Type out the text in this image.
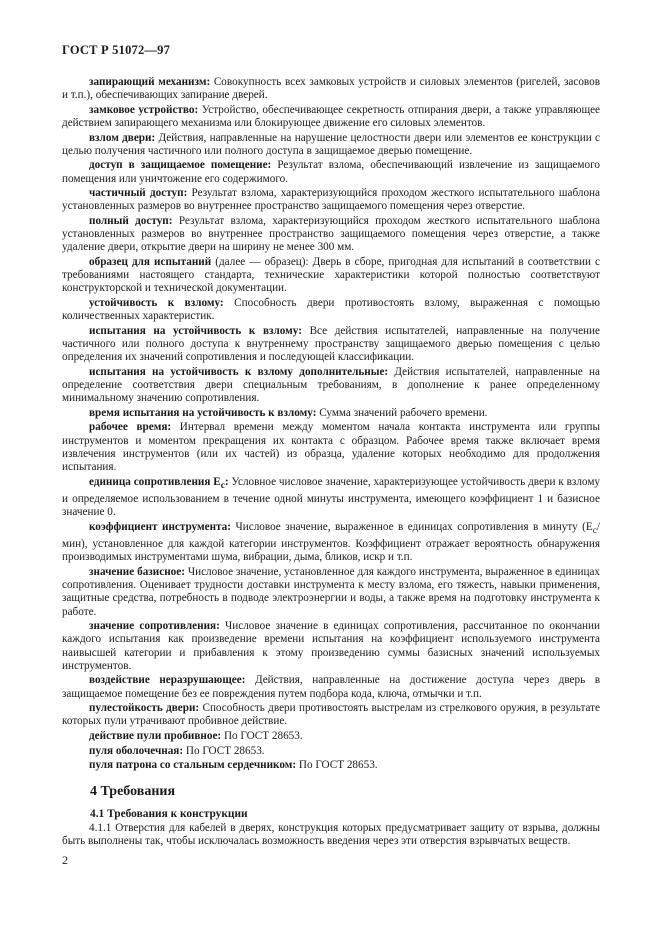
ГОСТ Р 51072—97

запирающий механизм: Совокупность всех замковых устройств и силовых элементов (ригелей, засовов и т.п.), обеспечивающих запирание дверей.

замковое устройство: Устройство, обеспечивающее секретность отпирания двери, а также управляющее действием запирающего механизма или блокирующее движение его силовых элементов.

взлом двери: Действия, направленные на нарушение целостности двери или элементов ее конструкции с целью получения частичного или полного доступа в защищаемое дверью помещение.

доступ в защищаемое помещение: Результат взлома, обеспечивающий извлечение из защищаемого помещения или уничтожение его содержимого.

частичный доступ: Результат взлома, характеризующийся проходом жесткого испытательного шаблона установленных размеров во внутреннее пространство защищаемого помещения через отверстие.

полный доступ: Результат взлома, характеризующийся проходом жесткого испытательного шаблона установленных размеров во внутреннее пространство защищаемого помещения через отверстие, а также удаление двери, открытие двери на ширину не менее 300 мм.

образец для испытаний (далее — образец): Дверь в сборе, пригодная для испытаний в соответствии с требованиями настоящего стандарта, технические характеристики которой полностью соответствуют конструкторской и технической документации.

устойчивость к взлому: Способность двери противостоять взлому, выраженная с помощью количественных характеристик.

испытания на устойчивость к взлому: Все действия испытателей, направленные на получение частичного или полного доступа к внутреннему пространству защищаемого дверью помещения с целью определения их значений сопротивления и последующей классификации.

испытания на устойчивость к взлому дополнительные: Действия испытателей, направленные на определение соответствия двери специальным требованиям, в дополнение к ранее определенному минимальному значению сопротивления.

время испытания на устойчивость к взлому: Сумма значений рабочего времени.

рабочее время: Интервал времени между моментом начала контакта инструмента или группы инструментов и моментом прекращения их контакта с образцом. Рабочее время также включает время извлечения инструментов (или их частей) из образца, удаление которых необходимо для продолжения испытания.

единица сопротивления $Е_c$: Условное числовое значение, характеризующее устойчивость двери к взлому и определяемое использованием в течение одной минуты инструмента, имеющего коэффициент 1 и базисное значение 0.

коэффициент инструмента: Числовое значение, выраженное в единицах сопротивления в минуту $(Е_c/мин)$, установленное для каждой категории инструментов. Коэффициент отражает вероятность обнаружения производимых инструментами шума, вибрации, дыма, бликов, искр и т.п.

значение базисное: Числовое значение, установленное для каждого инструмента, выраженное в единицах сопротивления. Оценивает трудности доставки инструмента к месту взлома, его тяжесть, навыки применения, защитные средства, потребность в подводе электроэнергии и воды, а также время на подготовку инструмента к работе.

значение сопротивления: Числовое значение в единицах сопротивления, рассчитанное по окончании каждого испытания как произведение времени испытания на коэффициент используемого инструмента наивысшей категории и прибавления к этому произведению суммы базисных значений используемых инструментов.

воздействие неразрушающее: Действия, направленные на достижение доступа через дверь в защищаемое помещение без ее повреждения путем подбора кода, ключа, отмычки и т.п.

пулестойкость двери: Способность двери противостоять выстрелам из стрелкового оружия, в результате которых пули утрачивают пробивное действие.

действие пули пробивное: По ГОСТ 28653.

пуля оболочечная: По ГОСТ 28653.

пуля патрона со стальным сердечником: По ГОСТ 28653.

4 Требования
4.1 Требования к конструкции

4.1.1 Отверстия для кабелей в дверях, конструкция которых предусматривает защиту от взрыва, должны быть выполнены так, чтобы исключалась возможность введения через эти отверстия взрывчатых веществ.

2
